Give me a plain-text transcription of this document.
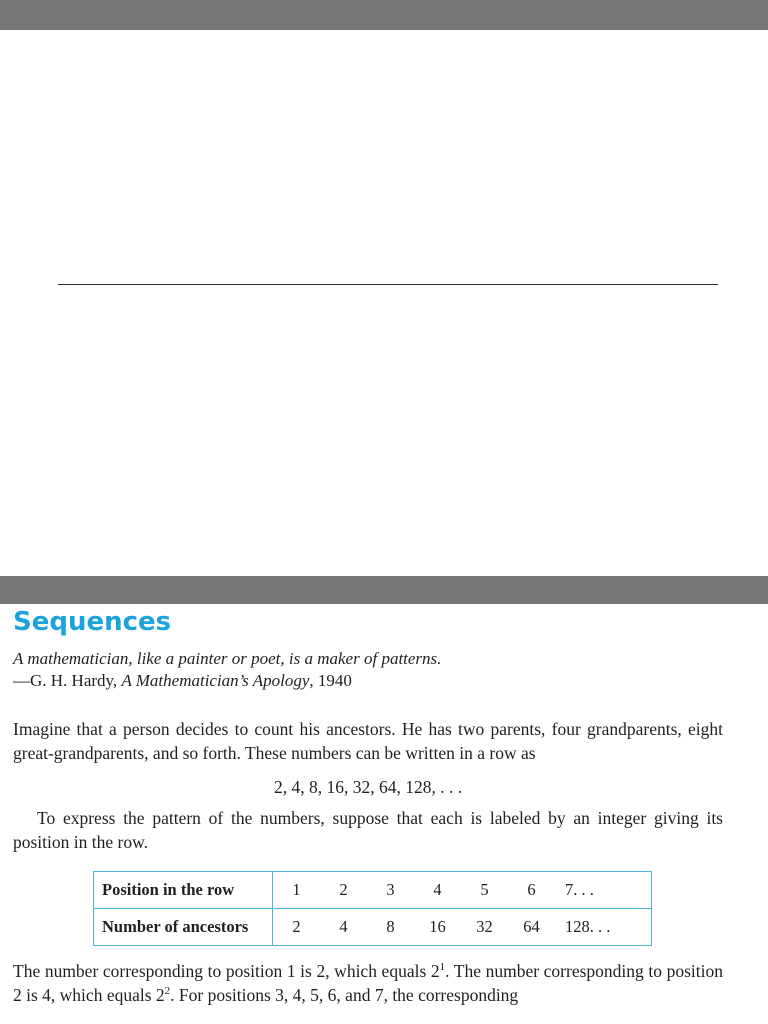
Sequences

A mathematician, like a painter or poet, is a maker of patterns.

—G. H. Hardy, A Mathematician’s Apology, 1940

Imagine that a person decides to count his ancestors. He has two parents, four grandparents, eight great-grandparents, and so forth. These numbers can be written in a row as

2, 4, 8, 16, 32, 64, 128, . . .

To express the pattern of the numbers, suppose that each is labeled by an integer giving its position in the row.

Position in the row	1	2	3	4	5	6	7. . .
Number of ancestors	2	4	8	16	32	64	128. . .

The number corresponding to position 1 is 2, which equals $2^1$. The number corresponding to position 2 is 4, which equals $2^2$. For positions 3, 4, 5, 6, and 7, the corresponding
